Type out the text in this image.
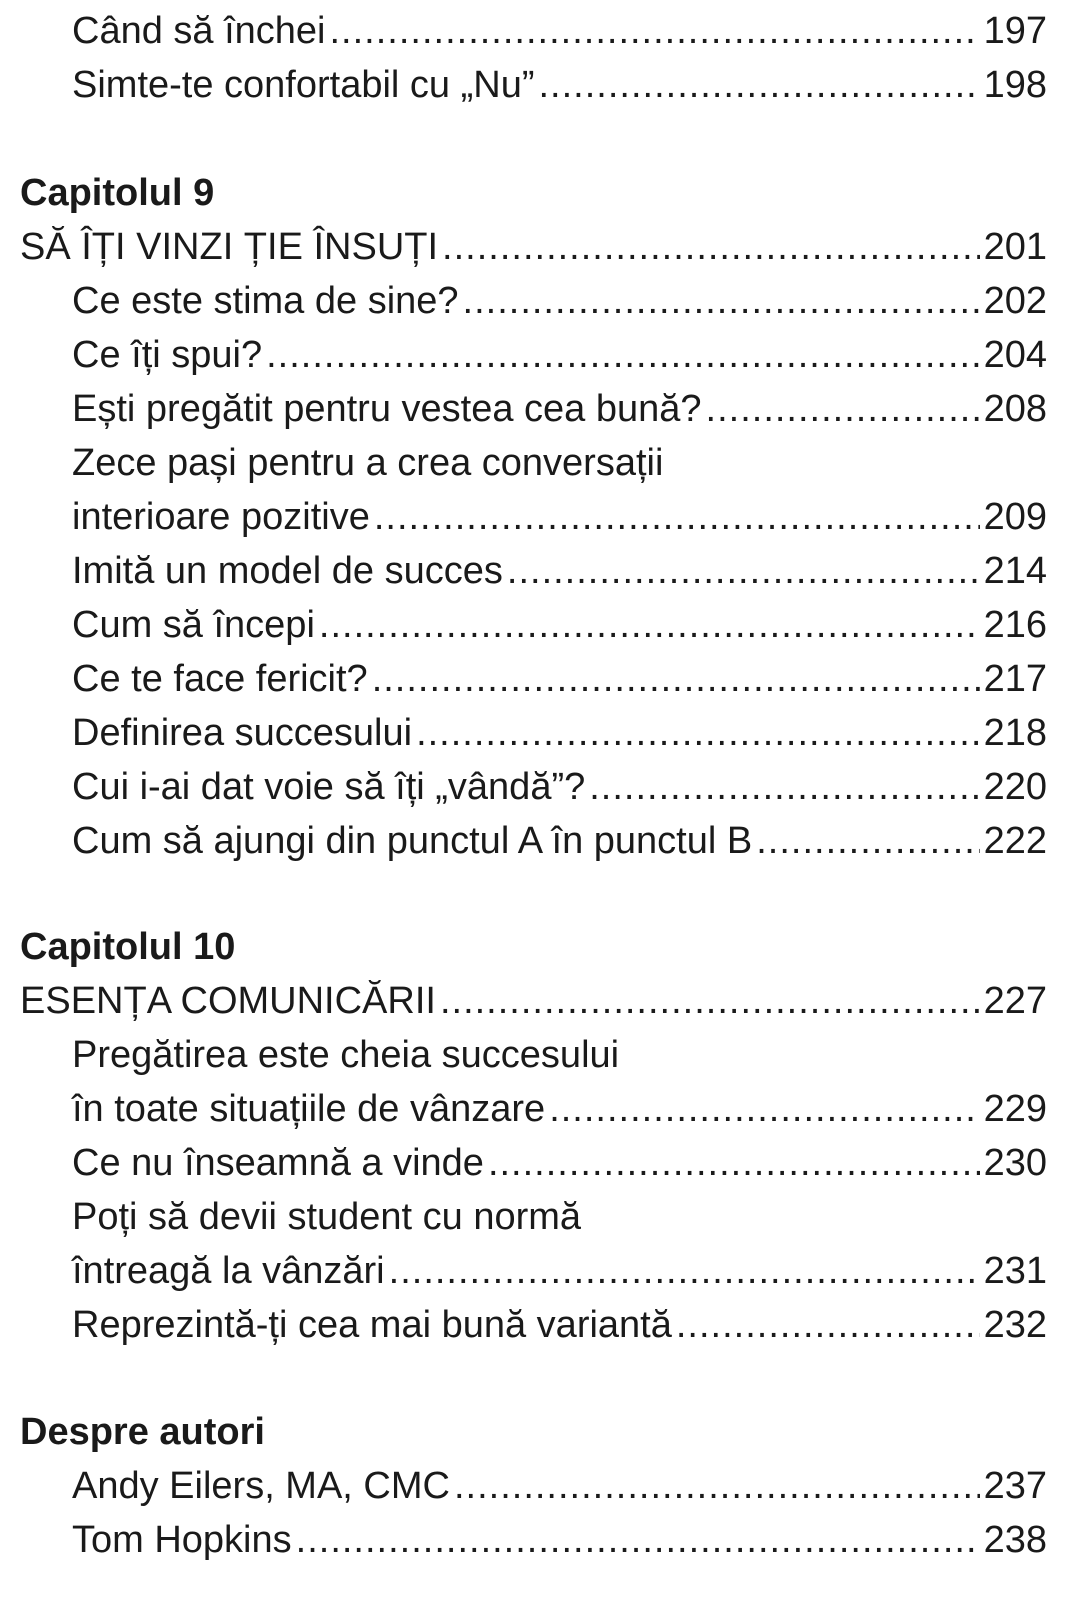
Când să închei .....	197
Simte-te confortabil cu „Nu” .....	198
Capitolul 9
SĂ ÎȚI VINZI ȚIE ÎNSUȚI .....	201
Ce este stima de sine? .....	202
Ce îți spui? .....	204
Ești pregătit pentru vestea cea bună? .....	208
Zece pași pentru a crea conversații
interioare pozitive .....	209
Imită un model de succes .....	214
Cum să începi .....	216
Ce te face fericit? .....	217
Definirea succesului .....	218
Cui i-ai dat voie să îți „vândă”? .....	220
Cum să ajungi din punctul A în punctul B .....	222
Capitolul 10
ESENȚA COMUNICĂRII .....	227
Pregătirea este cheia succesului
în toate situațiile de vânzare .....	229
Ce nu înseamnă a vinde .....	230
Poți să devii student cu normă
întreagă la vânzări .....	231
Reprezintă-ți cea mai bună variantă .....	232
Despre autori
Andy Eilers, MA, CMC .....	237
Tom Hopkins .....	238
